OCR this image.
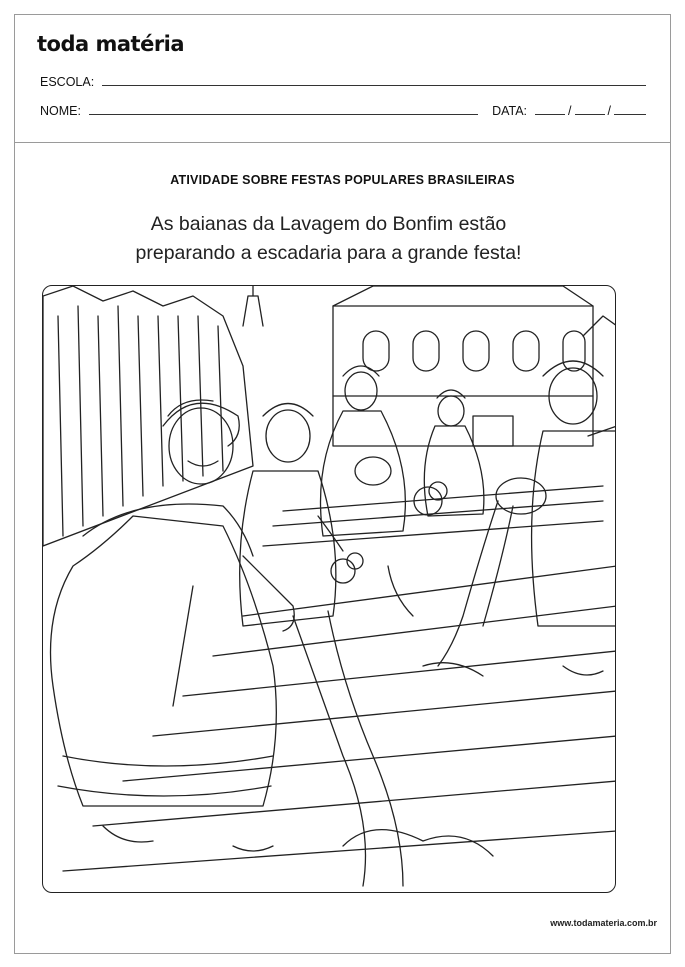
toda matéria
ESCOLA:
NOME:	DATA:	/	/
ATIVIDADE SOBRE FESTAS POPULARES BRASILEIRAS
As baianas da Lavagem do Bonfim estão
preparando a escadaria para a grande festa!
www.todamateria.com.br
